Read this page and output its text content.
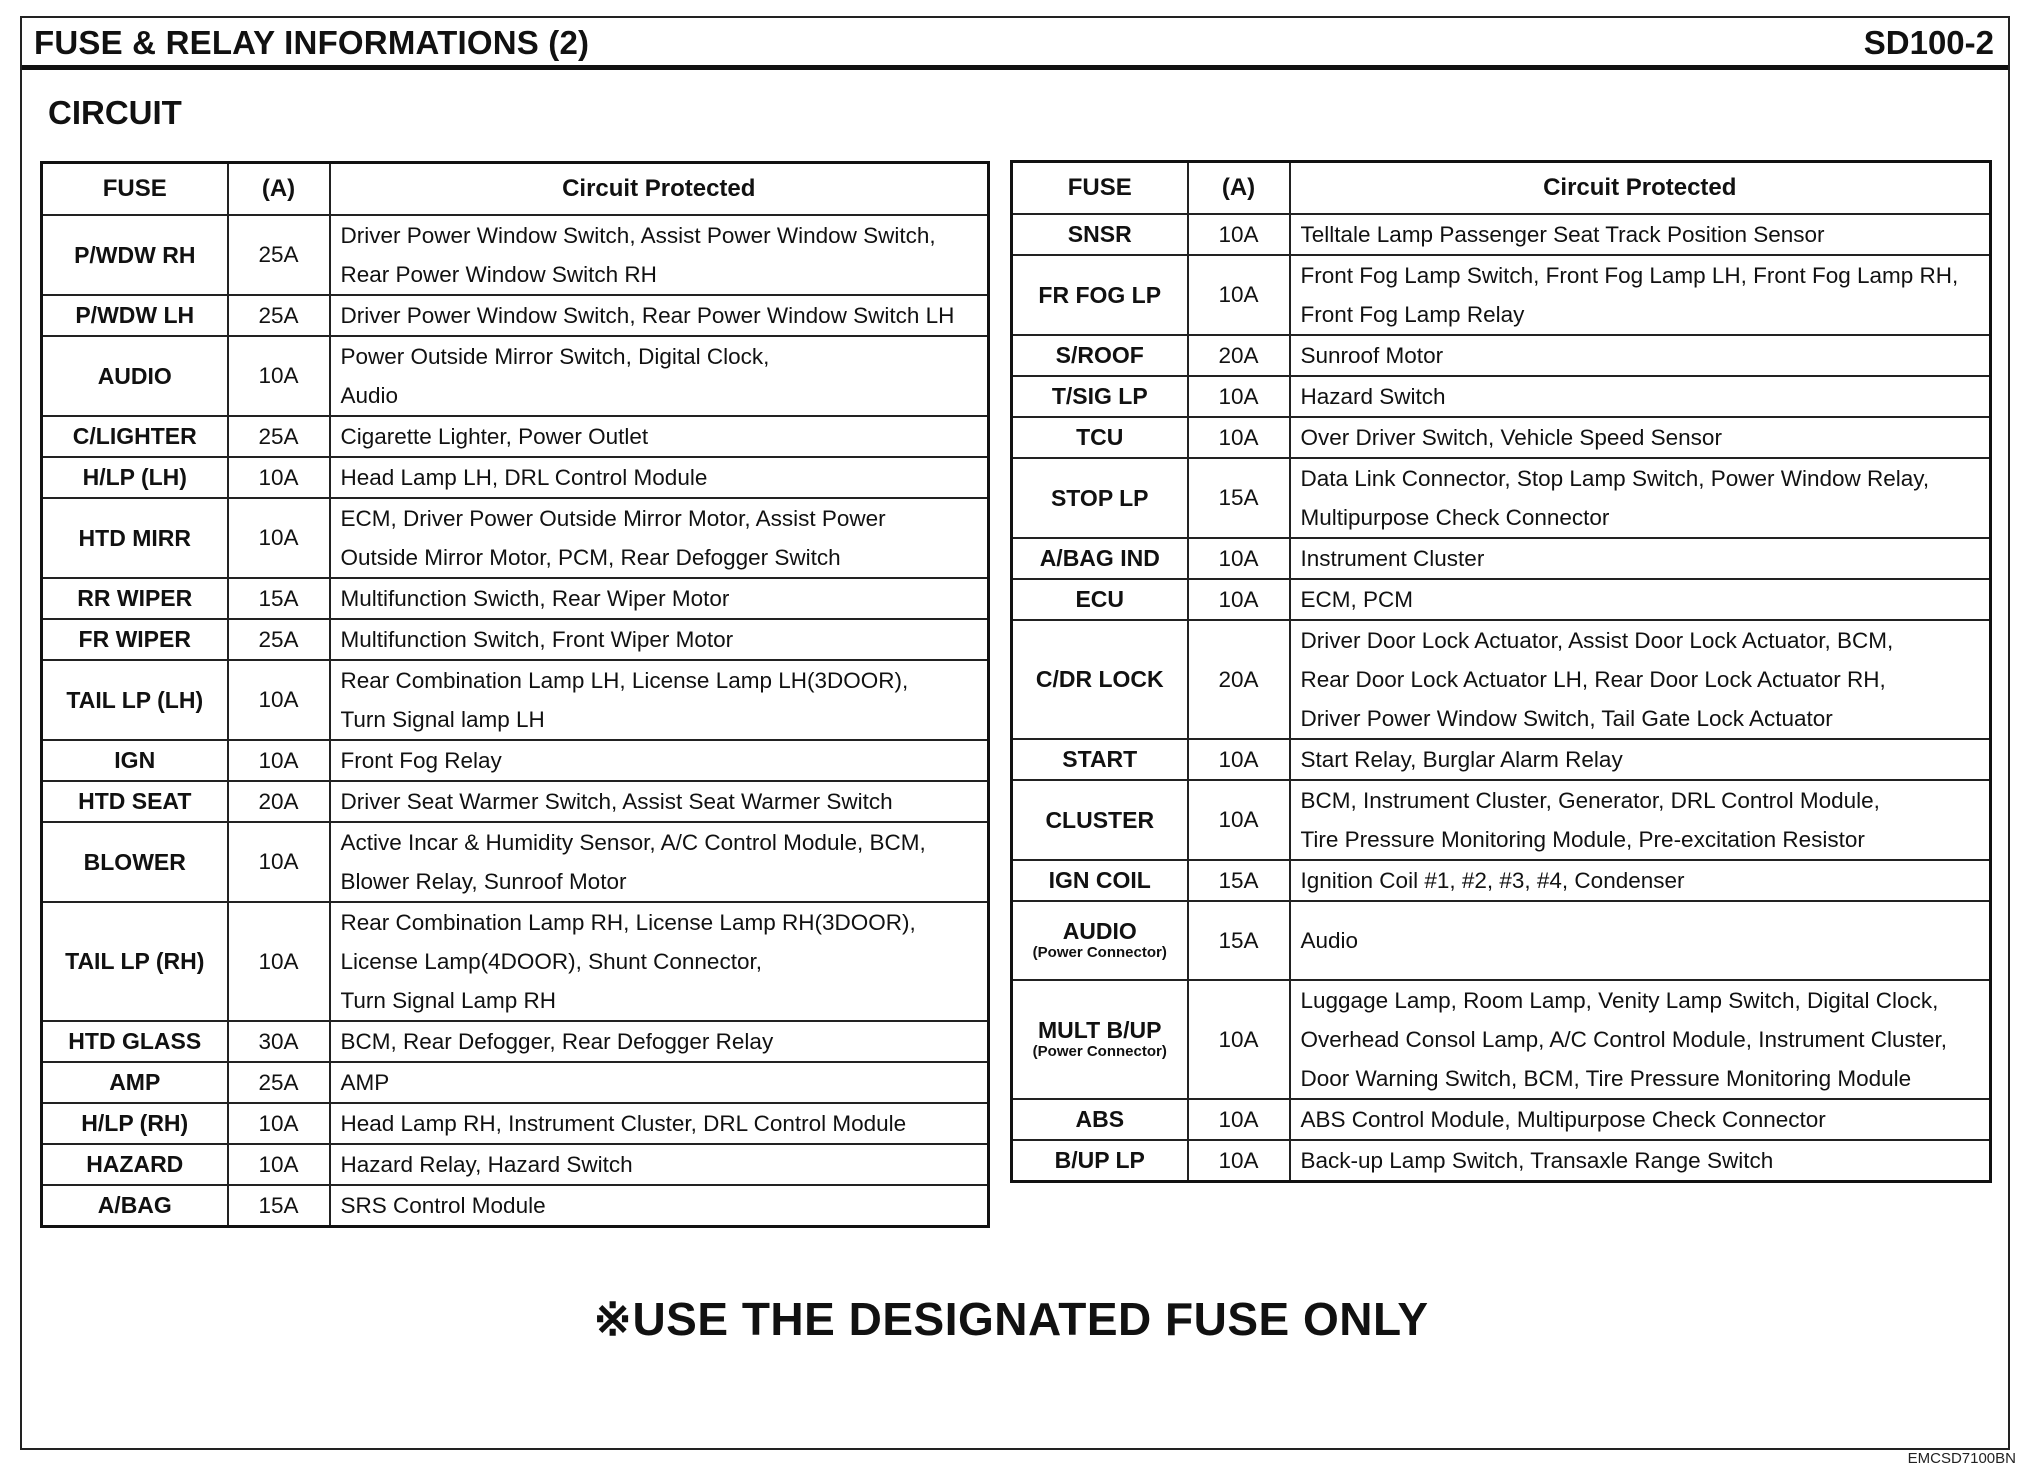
FUSE & RELAY INFORMATIONS (2)	SD100-2
CIRCUIT
FUSE	(A)	Circuit Protected
P/WDW RH	25A	Driver Power Window Switch, Assist Power Window Switch,
Rear Power Window Switch RH

P/WDW LH	25A	Driver Power Window Switch, Rear Power Window Switch LH

AUDIO	10A	Power Outside Mirror Switch, Digital Clock,
Audio

C/LIGHTER	25A	Cigarette Lighter, Power Outlet

H/LP (LH)	10A	Head Lamp LH, DRL Control Module

HTD MIRR	10A	ECM, Driver Power Outside Mirror Motor, Assist Power
Outside Mirror Motor, PCM, Rear Defogger Switch

RR WIPER	15A	Multifunction Swicth, Rear Wiper Motor

FR WIPER	25A	Multifunction Switch, Front Wiper Motor

TAIL LP (LH)	10A	Rear Combination Lamp LH, License Lamp LH(3DOOR),
Turn Signal lamp LH

IGN	10A	Front Fog Relay

HTD SEAT	20A	Driver Seat Warmer Switch, Assist Seat Warmer Switch

BLOWER	10A	Active Incar & Humidity Sensor, A/C Control Module, BCM,
Blower Relay, Sunroof Motor

TAIL LP (RH)	10A	Rear Combination Lamp RH, License Lamp RH(3DOOR),
License Lamp(4DOOR), Shunt Connector,
Turn Signal Lamp RH

HTD GLASS	30A	BCM, Rear Defogger, Rear Defogger Relay

AMP	25A	AMP

H/LP (RH)	10A	Head Lamp RH, Instrument Cluster, DRL Control Module

HAZARD	10A	Hazard Relay, Hazard Switch

A/BAG	15A	SRS Control Module
FUSE	(A)	Circuit Protected
SNSR	10A	Telltale Lamp Passenger Seat Track Position Sensor

FR FOG LP	10A	Front Fog Lamp Switch, Front Fog Lamp LH, Front Fog Lamp RH,
Front Fog Lamp Relay

S/ROOF	20A	Sunroof Motor

T/SIG LP	10A	Hazard Switch

TCU	10A	Over Driver Switch, Vehicle Speed Sensor

STOP LP	15A	Data Link Connector, Stop Lamp Switch, Power Window Relay,
Multipurpose Check Connector

A/BAG IND	10A	Instrument Cluster

ECU	10A	ECM, PCM

C/DR LOCK	20A	Driver Door Lock Actuator, Assist Door Lock Actuator, BCM,
Rear Door Lock Actuator LH, Rear Door Lock Actuator RH,
Driver Power Window Switch, Tail Gate Lock Actuator

START	10A	Start Relay, Burglar Alarm Relay

CLUSTER	10A	BCM, Instrument Cluster, Generator, DRL Control Module,
Tire Pressure Monitoring Module, Pre-excitation Resistor

IGN COIL	15A	Ignition Coil #1, #2, #3, #4, Condenser

AUDIO
(Power Connector)	15A	Audio

MULT B/UP
(Power Connector)	10A	Luggage Lamp, Room Lamp, Venity Lamp Switch, Digital Clock,
Overhead Consol Lamp, A/C Control Module, Instrument Cluster,
Door Warning Switch, BCM, Tire Pressure Monitoring Module

ABS	10A	ABS Control Module, Multipurpose Check Connector

B/UP LP	10A	Back-up Lamp Switch, Transaxle Range Switch
※USE THE DESIGNATED FUSE ONLY
EMCSD7100BN
